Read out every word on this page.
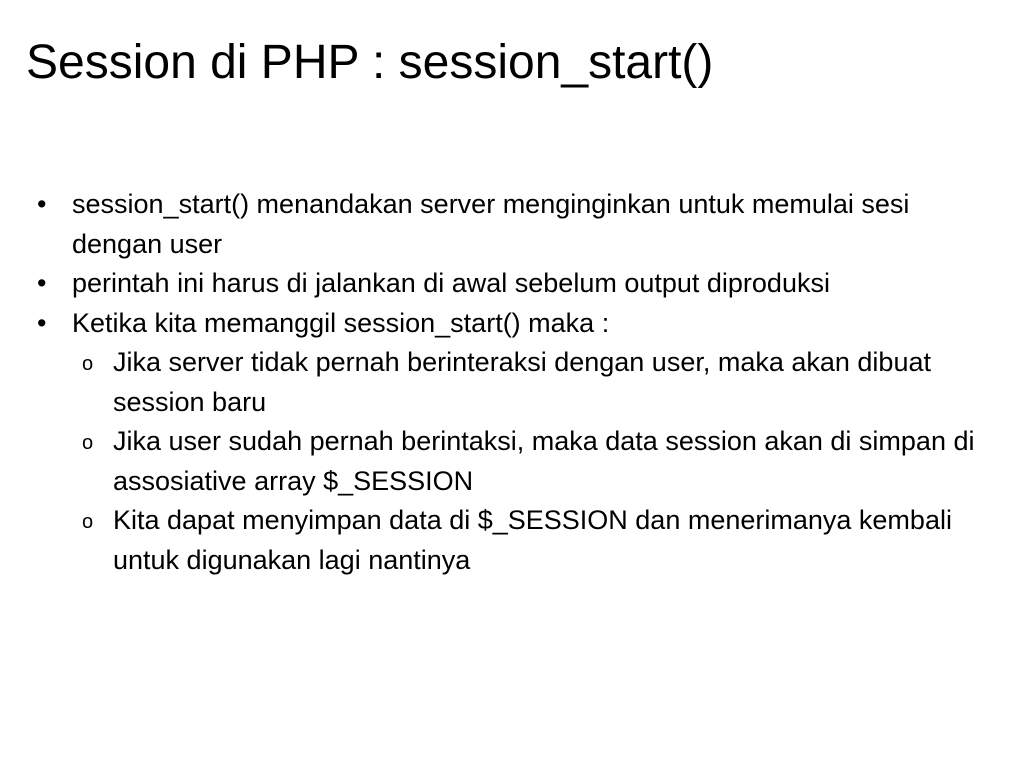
Session di PHP : session_start()
• session_start() menandakan server menginginkan untuk memulai sesi dengan user
• perintah ini harus di jalankan di awal sebelum output diproduksi
• Ketika kita memanggil session_start() maka :
o Jika server tidak pernah berinteraksi dengan user, maka akan dibuat session baru
o Jika user sudah pernah berintaksi, maka data session akan di simpan di assosiative array $_SESSION
o Kita dapat menyimpan data di $_SESSION dan menerimanya kembali untuk digunakan lagi nantinya
